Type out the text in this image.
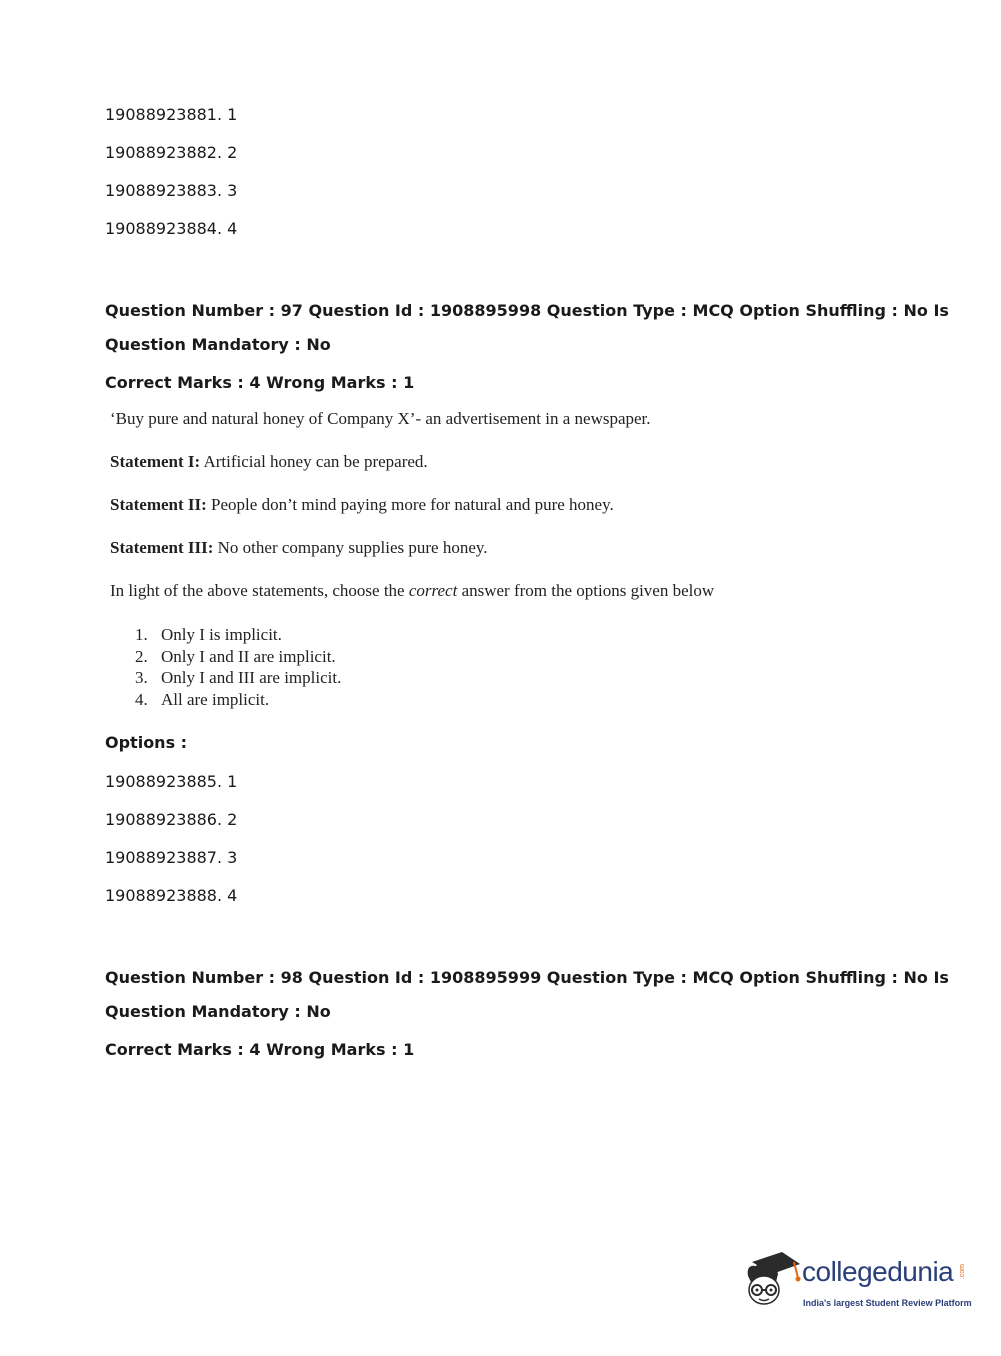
19088923881. 1
19088923882. 2
19088923883. 3
19088923884. 4
Question Number : 97 Question Id : 1908895998 Question Type : MCQ Option Shuffling : No Is
Question Mandatory : No
Correct Marks : 4 Wrong Marks : 1
‘Buy pure and natural honey of Company X’- an advertisement in a newspaper.
Statement I: Artificial honey can be prepared.
Statement II: People don’t mind paying more for natural and pure honey.
Statement III: No other company supplies pure honey.
In light of the above statements, choose the correct answer from the options given below
1. Only I is implicit.
2. Only I and II are implicit.
3. Only I and III are implicit.
4. All are implicit.
Options :
19088923885. 1
19088923886. 2
19088923887. 3
19088923888. 4
Question Number : 98 Question Id : 1908895999 Question Type : MCQ Option Shuffling : No Is
Question Mandatory : No
Correct Marks : 4 Wrong Marks : 1
collegedunia .com
India's largest Student Review Platform
